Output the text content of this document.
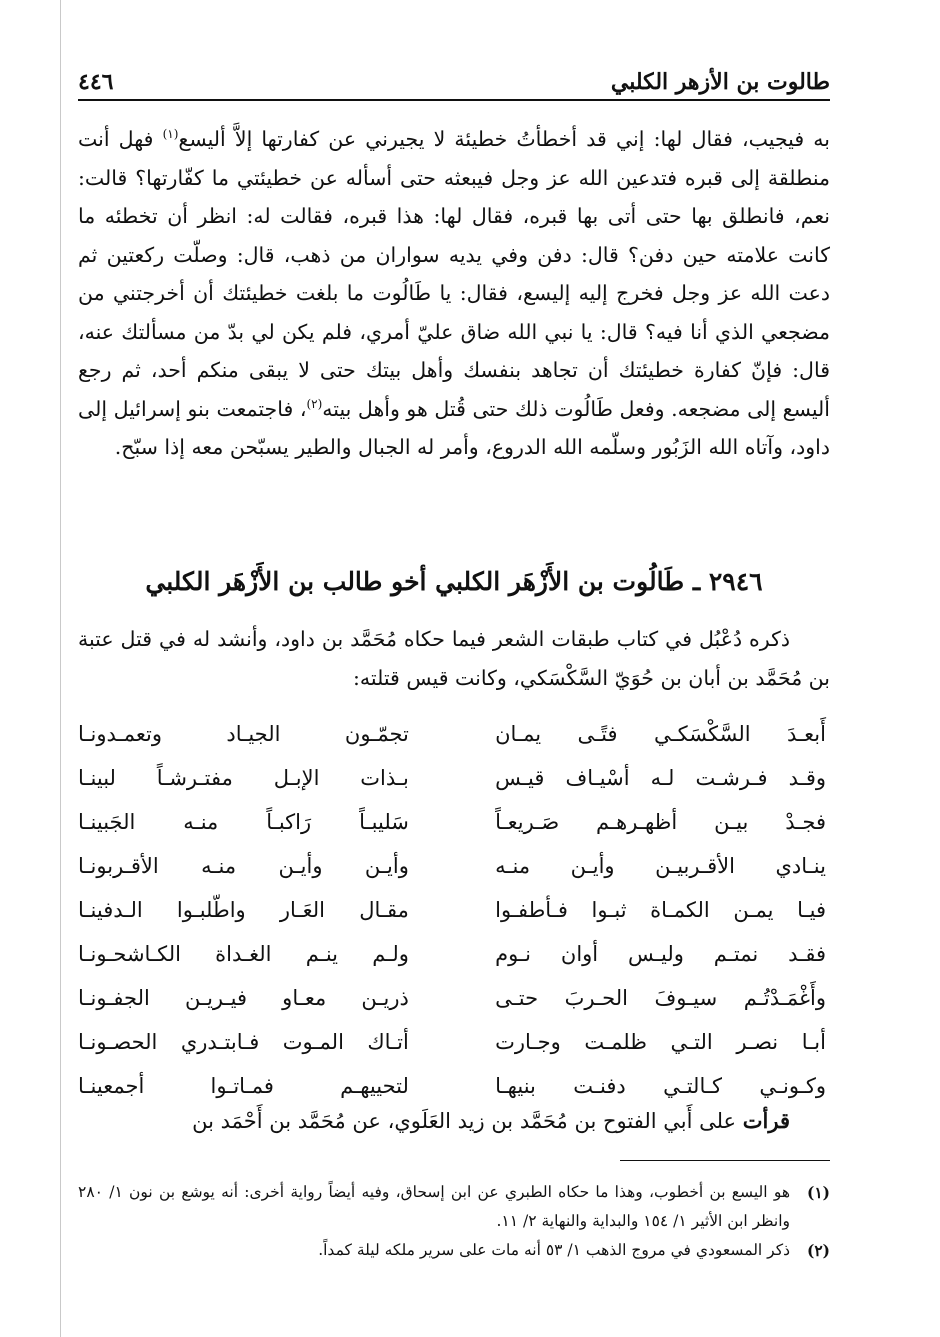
طالوت بن الأزهر الكلبي
٤٤٦

به فيجيب، فقال لها: إني قد أخطأتُ خطيئة لا يجيرني عن كفارتها إلاَّ أليسع$^{(١)}$ فهل أنت منطلقة إلى قبره فتدعين الله عز وجل فيبعثه حتى أسأله عن خطيئتي ما كفّارتها؟ قالت: نعم، فانطلق بها حتى أتى بها قبره، فقال لها: هذا قبره، فقالت له: انظر أن تخطئه ما كانت علامته حين دفن؟ قال: دفن وفي يديه سواران من ذهب، قال: وصلّت ركعتين ثم دعت الله عز وجل فخرج إليه إليسع، فقال: يا طَالُوت ما بلغت خطيئتك أن أخرجتني من مضجعي الذي أنا فيه؟ قال: يا نبي الله ضاق عليّ أمري، فلم يكن لي بدّ من مسألتك عنه، قال: فإنّ كفارة خطيئتك أن تجاهد بنفسك وأهل بيتك حتى لا يبقى منكم أحد، ثم رجع أليسع إلى مضجعه. وفعل طَالُوت ذلك حتى قُتل هو وأهل بيته$^{(٢)}$، فاجتمعت بنو إسرائيل إلى داود، وآتاه الله الزَبُور وسلّمه الله الدروع، وأمر له الجبال والطير يسبّحن معه إذا سبّح.

٢٩٤٦ ـ طَالُوت بن الأَزْهَر الكلبي أخو طالب بن الأَزْهَر الكلبي

ذكره دُعْبُل في كتاب طبقات الشعر فيما حكاه مُحَمَّد بن داود، وأنشد له في قتل عتبة بن مُحَمَّد بن أبان بن حُوَيّ السَّكْسَكي، وكانت قيس قتلته:

أَبعـدَ السَّكْسَكـي فتًـى يمـان
تجمّـون الجيـاد وتعمـدونـا
وقـد فـرشـت لـه أسْيـاف قيـس
بـذات الإبـل مفتـرشـاً لبينـا
فجـدْ بيـن أظهـرهـم صَـريعـاً
سَليبـاً رَاكبـاً منـه الجَبينـا
ينـادي الأقـربيـن وأيـن منـه
وأيـن وأيـن منـه الأقـربونـا
فيـا يمـن الكمـاة ثبـوا فـأطفـوا
مقـال العَـار واطّلبـوا الـدفينـا
فقـد نمتـم وليـس أوان نـوم
ولـم ينـم الغـداة الكـاشحـونـا
وأَغْمَـدْتُـم سيـوفَ الحـربَ حتـى
ذريـن معـاو فيـريـن الجفـونـا
أبـا نصـر التـي ظلمـت وجـارت
أتـاك المـوت فـابتـدري الحصـونـا
وكـونـي كـالتـي دفنـت بنيهـا
لتحييهـم فمـاتـوا أجمعينـا

قرأت على أَبي الفتوح بن مُحَمَّد بن زيد العَلَوي، عن مُحَمَّد بن أَحْمَد بن

(١)
هو اليسع بن أخطوب، وهذا ما حكاه الطبري عن ابن إسحاق، وفيه أيضاً رواية أخرى: أنه يوشع بن نون ١/ ٢٨٠ وانظر ابن الأثير ١/ ١٥٤ والبداية والنهاية ٢/ ١١.
(٢)
ذكر المسعودي في مروج الذهب ١/ ٥٣ أنه مات على سرير ملكه ليلة كمداً.
